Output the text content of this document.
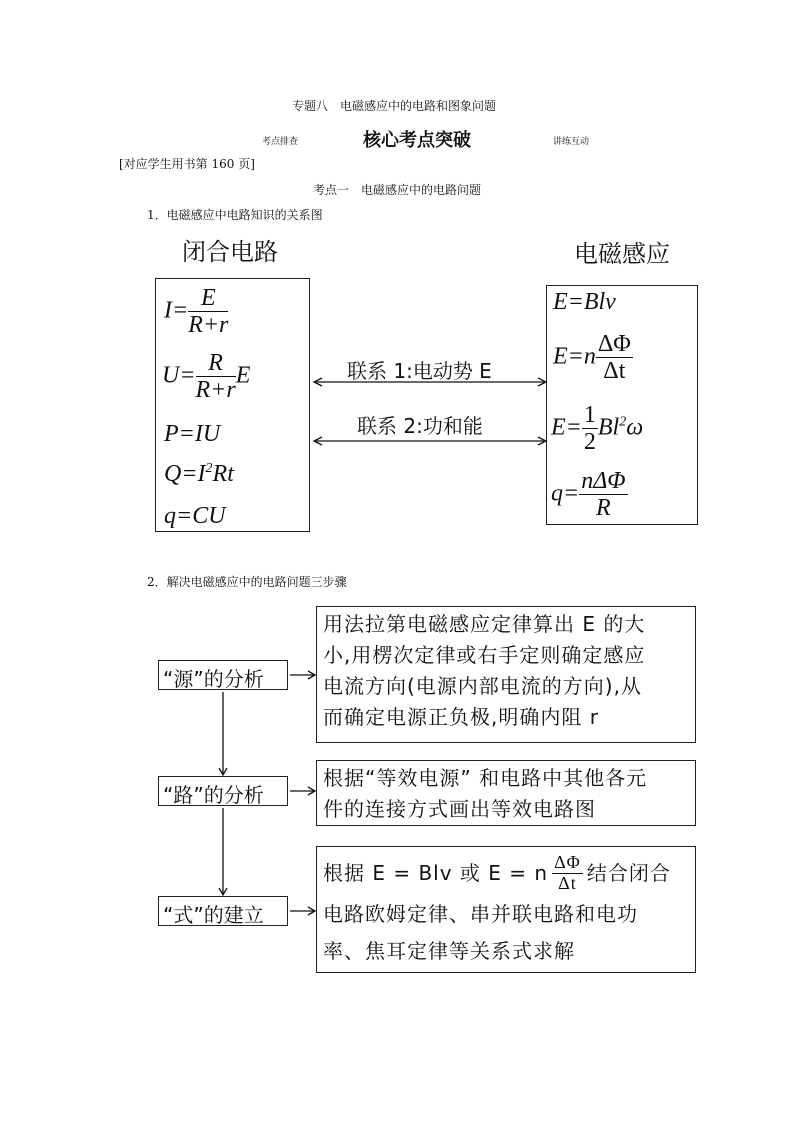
专题八　电磁感应中的电路和图象问题
考点排查	核心考点突破	讲练互动
[对应学生用书第 160 页]
考点一　电磁感应中的电路问题
1．电磁感应中电路知识的关系图
闭合电路	电磁感应
$I= \frac{E}{R+r}$
$U= \frac{R}{R+r}$ E
P=IU
$Q=I^2Rt$
q=CU
E=Blv
$E=n \frac{\Delta\Phi}{\Delta t}$
$E= \frac{1}{2} Bl^2\omega$
$q= \frac{\text{nΔΦ}}{R}$
联系 1:电动势 E
联系 2:功和能
2．解决电磁感应中的电路问题三步骤
“源”的分析
用法拉第电磁感应定律算出 E 的大
小,用楞次定律或右手定则确定感应
电流方向(电源内部电流的方向),从
而确定电源正负极,明确内阻 r
“路”的分析
根据“等效电源” 和电路中其他各元
件的连接方式画出等效电路图
“式”的建立
根据 E = Blv 或 E = n $\frac{\Delta\Phi}{\Delta t}$ 结合闭合
电路欧姆定律、串并联电路和电功
率、焦耳定律等关系式求解
